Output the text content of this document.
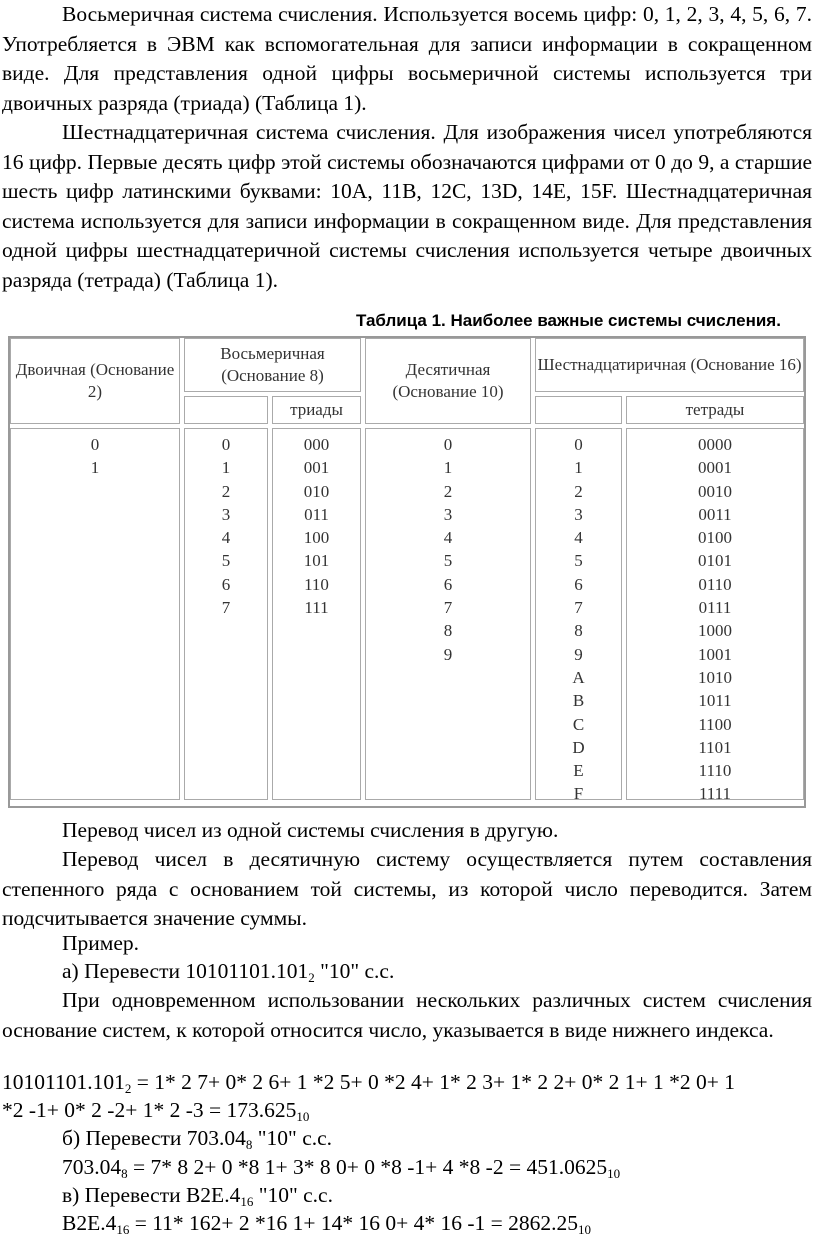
Восьмеричная система счисления. Используется восемь цифр: 0, 1, 2, 3, 4, 5, 6, 7. Употребляется в ЭВМ как вспомогательная для записи информации в сокращенном виде. Для представления одной цифры восьмеричной системы используется три двоичных разряда (триада) (Таблица 1).

Шестнадцатеричная система счисления. Для изображения чисел употребляются 16 цифр. Первые десять цифр этой системы обозначаются цифрами от 0 до 9, а старшие шесть цифр латинскими буквами: 10A, 11B, 12C, 13D, 14E, 15F. Шестнадцатеричная система используется для записи информации в сокращенном виде. Для представления одной цифры шестнадцатеричной системы счисления используется четыре двоичных разряда (тетрада) (Таблица 1).

Таблица 1. Наиболее важные системы счисления.
Двоичная (Основание 2)
Восьмеричная (Основание 8)
триады
Десятичная (Основание 10)
Шестнадцатиричная (Основание 16)
тетрады
0
1
0
1
2
3
4
5
6
7
000
001
010
011
100
101
110
111
0
1
2
3
4
5
6
7
8
9
0
1
2
3
4
5
6
7
8
9
A
B
C
D
E
F
0000
0001
0010
0011
0100
0101
0110
0111
1000
1001
1010
1011
1100
1101
1110
1111
Перевод чисел из одной системы счисления в другую.

Перевод чисел в десятичную систему осуществляется путем составления степенного ряда с основанием той системы, из которой число переводится. Затем подсчитывается значение суммы.

Пример.
а) Перевести $10101101.101_2$ "10" с.с.

При одновременном использовании нескольких различных систем счисления основание систем, к которой относится число, указывается в виде нижнего индекса.

$10101101.101_2 = 1*$ 2 7+ 0* 2 6+ 1 *2 5+ 0 *2 4+ 1* 2 3+ 1* 2 2+ 0* 2 1+ 1 *2 0+ 1
*2 -1+ 0* 2 -2+ 1* 2 $-3 = 173.625_{10}$
б) Перевести $703.04_8$ "10" с.с.
$703.04_8 = 7*$ 8 2+ 0 *8 1+ 3* 8 0+ 0 *8 -1+ 4 *8 $-2 = 451.0625_{10}$
в) Перевести $B2E.4_{16}$ "10" с.с.
$B2E.4_{16} = 11*$ 162+ 2 *16 1+ 14* 16 0+ 4* 16 $-1 = 2862.25_{10}$
